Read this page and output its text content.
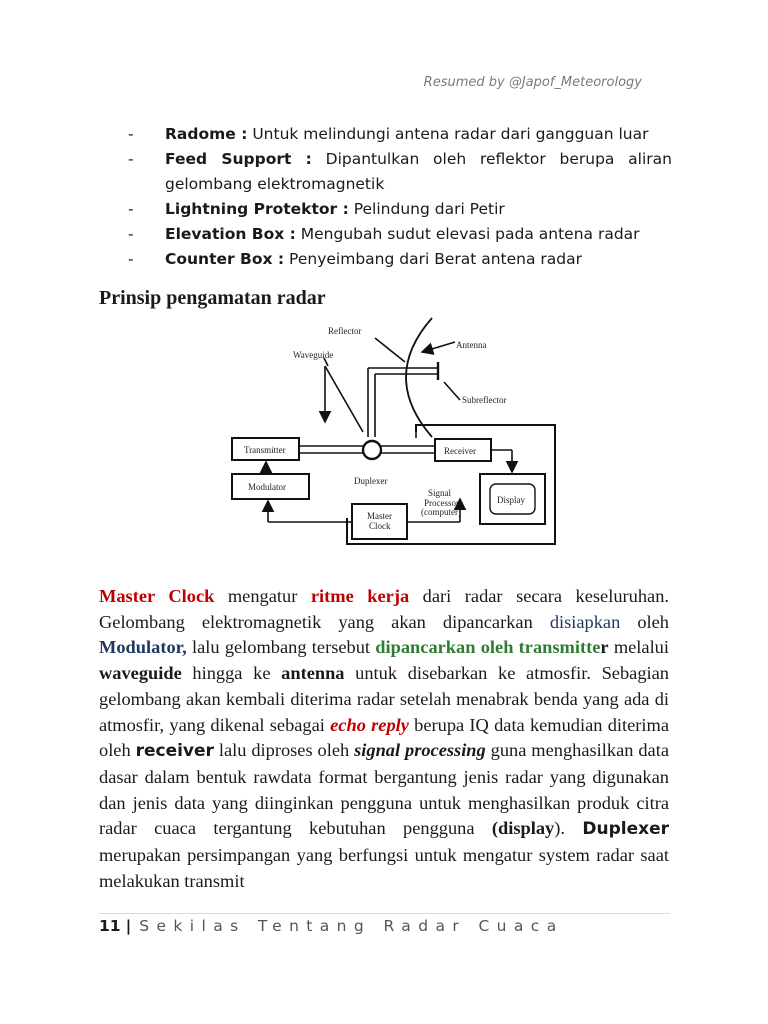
Resumed by @Japof_Meteorology
-	Radome : Untuk melindungi antena radar dari gangguan luar
-	Feed Support : Dipantulkan oleh reflektor berupa aliran gelombang elektromagnetik
-	Lightning Protektor : Pelindung dari Petir
-	Elevation Box : Mengubah sudut elevasi pada antena radar
-	Counter Box : Penyeimbang dari Berat antena radar
Prinsip pengamatan radar
Reflector
Antenna
Waveguide
Subreflector
Transmitter	Receiver
Modulator
Duplexer
Display
Signal
Processor
(computer)
Master
Clock
Master Clock mengatur ritme kerja dari radar secara keseluruhan. Gelombang elektromagnetik yang akan dipancarkan disiapkan oleh Modulator, lalu gelombang tersebut dipancarkan oleh transmitter melalui waveguide hingga ke antenna untuk disebarkan ke atmosfir. Sebagian gelombang akan kembali diterima radar setelah menabrak benda yang ada di atmosfir, yang dikenal sebagai echo reply berupa IQ data kemudian diterima oleh receiver lalu diproses oleh signal processing guna menghasilkan data dasar dalam bentuk rawdata format bergantung jenis radar yang digunakan dan jenis data yang diinginkan pengguna untuk menghasilkan produk citra radar cuaca tergantung kebutuhan pengguna (display). Duplexer merupakan persimpangan yang berfungsi untuk mengatur system radar saat melakukan transmit
11 | Sekilas Tentang Radar Cuaca
